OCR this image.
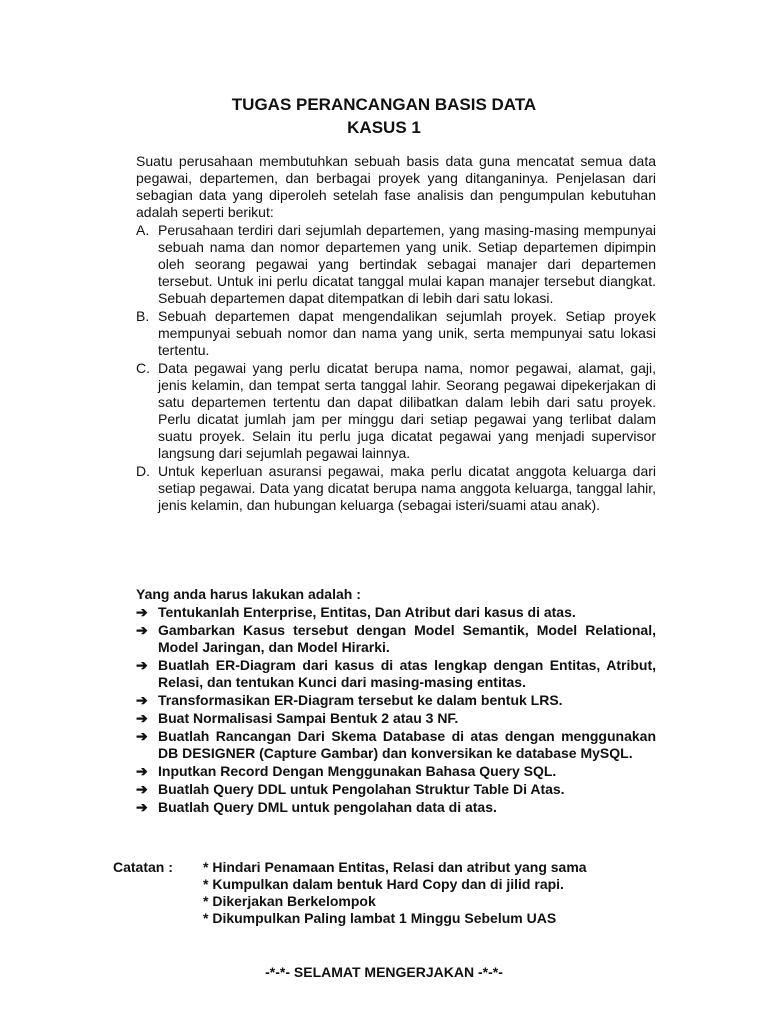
TUGAS PERANCANGAN BASIS DATA
KASUS 1

Suatu perusahaan membutuhkan sebuah basis data guna mencatat semua data pegawai, departemen, dan berbagai proyek yang ditanganinya. Penjelasan dari sebagian data yang diperoleh setelah fase analisis dan pengumpulan kebutuhan adalah seperti berikut:

A. Perusahaan terdiri dari sejumlah departemen, yang masing-masing mempunyai sebuah nama dan nomor departemen yang unik. Setiap departemen dipimpin oleh seorang pegawai yang bertindak sebagai manajer dari departemen tersebut. Untuk ini perlu dicatat tanggal mulai kapan manajer tersebut diangkat. Sebuah departemen dapat ditempatkan di lebih dari satu lokasi.
B. Sebuah departemen dapat mengendalikan sejumlah proyek. Setiap proyek mempunyai sebuah nomor dan nama yang unik, serta mempunyai satu lokasi tertentu.
C. Data pegawai yang perlu dicatat berupa nama, nomor pegawai, alamat, gaji, jenis kelamin, dan tempat serta tanggal lahir. Seorang pegawai dipekerjakan di satu departemen tertentu dan dapat dilibatkan dalam lebih dari satu proyek. Perlu dicatat jumlah jam per minggu dari setiap pegawai yang terlibat dalam suatu proyek. Selain itu perlu juga dicatat pegawai yang menjadi supervisor langsung dari sejumlah pegawai lainnya.
D. Untuk keperluan asuransi pegawai, maka perlu dicatat anggota keluarga dari setiap pegawai. Data yang dicatat berupa nama anggota keluarga, tanggal lahir, jenis kelamin, dan hubungan keluarga (sebagai isteri/suami atau anak).
Yang anda harus lakukan adalah :
➔ Tentukanlah Enterprise, Entitas, Dan Atribut dari kasus di atas.
➔ Gambarkan Kasus tersebut dengan Model Semantik, Model Relational, Model Jaringan, dan Model Hirarki.
➔ Buatlah ER-Diagram dari kasus di atas lengkap dengan Entitas, Atribut, Relasi, dan tentukan Kunci dari masing-masing entitas.
➔ Transformasikan ER-Diagram tersebut ke dalam bentuk LRS.
➔ Buat Normalisasi Sampai Bentuk 2 atau 3 NF.
➔ Buatlah Rancangan Dari Skema Database di atas dengan menggunakan DB DESIGNER (Capture Gambar) dan konversikan ke database MySQL.
➔ Inputkan Record Dengan Menggunakan Bahasa Query SQL.
➔ Buatlah Query DDL untuk Pengolahan Struktur Table Di Atas.
➔ Buatlah Query DML untuk pengolahan data di atas.
Catatan : * Hindari Penamaan Entitas, Relasi dan atribut yang sama
* Kumpulkan dalam bentuk Hard Copy dan di jilid rapi.
* Dikerjakan Berkelompok
* Dikumpulkan Paling lambat 1 Minggu Sebelum UAS
-*-*- SELAMAT MENGERJAKAN -*-*-
